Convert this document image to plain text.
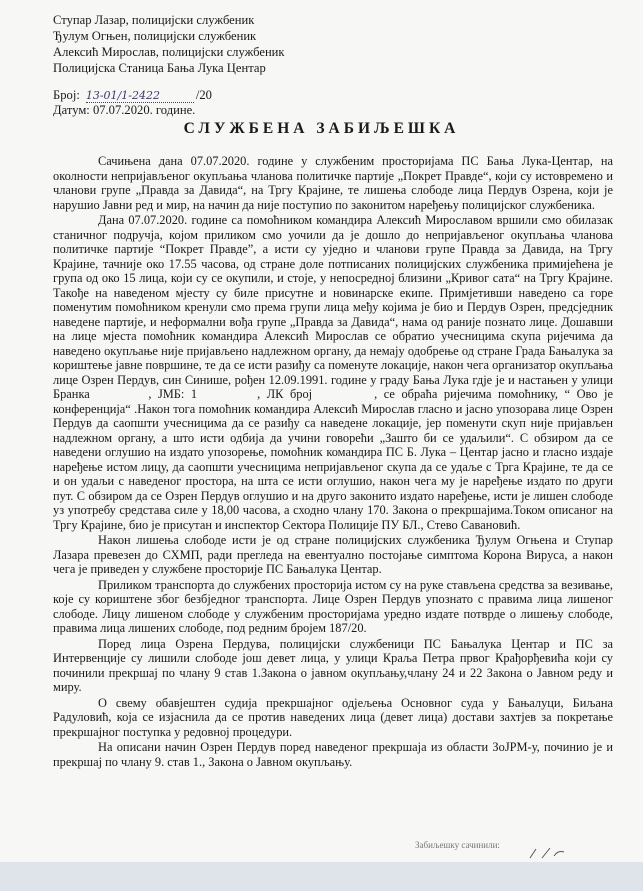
Ступар Лазар, полицијски службеник
Ђулум Огњен, полицијски службеник
Алексић Мирослав, полицијски службеник
Полицијска Станица Бања Лука Центар
Број: 13-01/1-2422	/20
Датум: 07.07.2020. године.
СЛУЖБЕНА ЗАБИЉЕШКА

Сачињена дана 07.07.2020. године у службеним просторијама ПС Бања Лука-Центар, на околности непријављеног окупљања чланова политичке партије „Покрет Правде“, који су истовремено и чланови групе „Правда за Давида“, на Тргу Крајине, те лишења слободе лица Пердув Озрена, који је нарушио Јавни ред и мир, на начин да није поступио по законитом наређењу полицијског службеника.

Дана 07.07.2020. године са помоћником командира Алексић Мирославом вршили смо обилазак станичног подручја, којом приликом смо уочили да је дошло до непријављеног окупљања чланова политичке партије “Покрет Правде”, а исти су уједно и чланови групе Правда за Давида, на Тргу Крајине, тачније око 17.55 часова, од стране доле потписаних полицијских службеника примијећена је група од око 15 лица, који су се окупили, и стоје, у непосредној близини „Кривог сата“ на Тргу Крајине. Такође на наведеном мјесту су биле присутне и новинарске екипе. Примјетивши наведено са горе поменутим помоћником кренули смо према групи лица међу којима је био и Пердув Озрен, предсједник наведене партије, и неформални вођа групе „Правда за Давида“, нама од раније познато лице. Дошавши на лице мјеста помоћник командира Алексић Мирослав се обратио учесницима скупа ријечима да наведено окупљање није пријављено надлежном органу, да немају одобрење од стране Града Бањалука за кориштење јавне површине, те да се исти разиђу са поменуте локације, након чега организатор окупљања лице Озрен Пердув, син Синише, рођен 12.09.1991. године у граду Бања Лука гдје је и настањен у улици Бранка	, ЈМБ: 1	, ЛК број	, се обраћа ријечима помоћнику, “ Ово је конференција“ .Након тога помоћник командира Алексић Мирослав гласно и јасно упозорава лице Озрен Пердув да саопшти учесницима да се разиђу са наведене локације, јер поменути скуп није пријављен надлежном органу, а што исти одбија да учини говорећи „Зашто би се удаљили“. С обзиром да се наведени оглушио на издато упозорење, помоћник командира ПС Б. Лука – Центар јасно и гласно издаје наређење истом лицу, да саопшти учесницима непријављеног скупа да се удаље с Трга Крајине, те да се и он удаљи с наведеног простора, на шта се исти оглушио, након чега му је наређење издато по други пут. С обзиром да се Озрен Пердув оглушио и на друго законито издато наређење, исти је лишен слободе уз употребу средстава силе у 18,00 часова, а сходно члану 170. Закона о прекршајима.Током описаног на Тргу Крајине, био је присутан и инспектор Сектора Полиције ПУ БЛ., Стево Савановић.

Након лишења слободе исти је од стране полицијских службеника Ђулум Огњена и Ступар Лазара превезен до СХМП, ради прегледа на евентуално постојање симптома Корона Вируса, а након чега је приведен у службене просторије ПС Бањалука Центар.

Приликом транспорта до службених просторија истом су на руке стављена средства за везивање, које су кориштене због безбједног транспорта. Лице Озрен Пердув упознато с правима лица лишеног слободе. Лицу лишеном слободе у службеним просторијама уредно издате потврде о лишењу слободе, правима лица лишених слободе, под редним бројем 187/20.

Поред лица Озрена Пердува, полицијски службеници ПС Бањалука Центар и ПС за Интервенције су лишили слободе још девет лица, у улици Краља Петра првог Крађорђевића који су починили прекршај по члану 9 став 1.Закона о јавном окупљању,члану 24 и 22 Закона о Јавном реду и миру.

О свему обавјештен судија прекршајног одјељења Основног суда у Бањалуци, Биљана Радуловић, која се изјаснила да се против наведених лица (девет лица) достави захтјев за покретање прекршајног поступка у редовној процедури.

На описани начин Озрен Пердув поред наведеног прекршаја из области ЗоЈРМ-у, починио је и прекршај по члану 9. став 1., Закона о Јавном окупљању.

Забиљешку сачинили:
